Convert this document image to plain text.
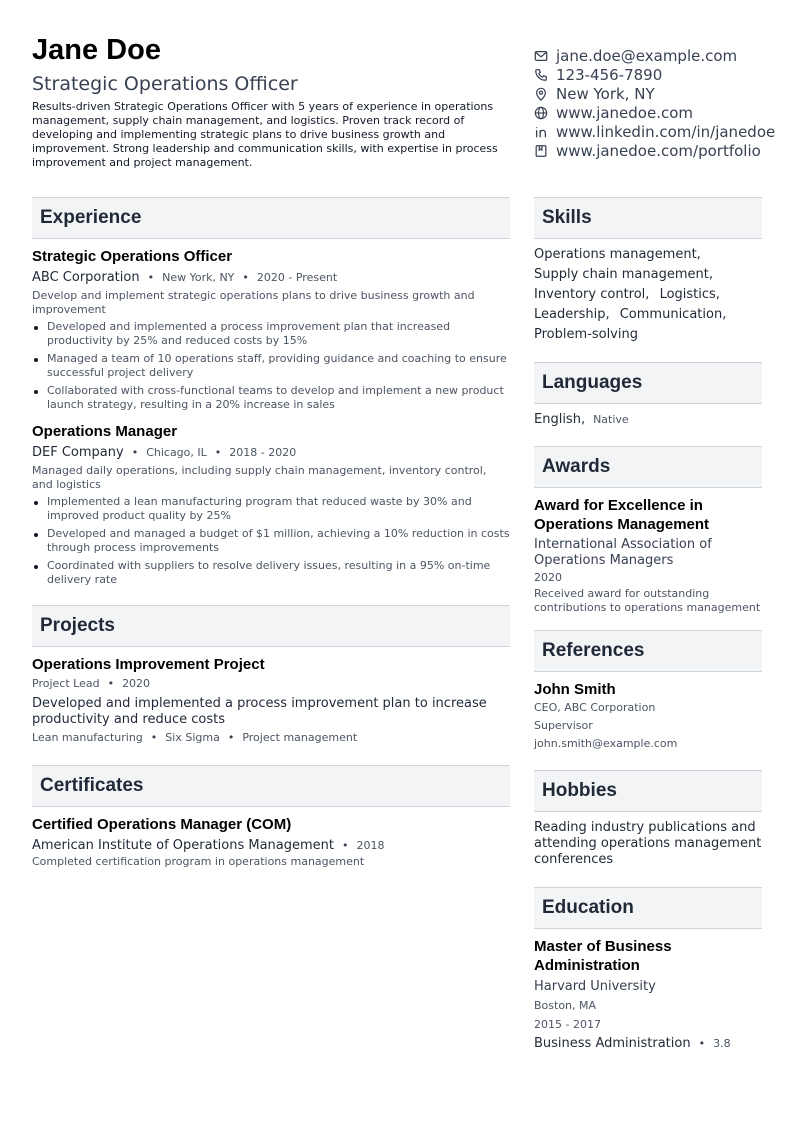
Jane Doe
Strategic Operations Officer
Results-driven Strategic Operations Officer with 5 years of experience in operations management, supply chain management, and logistics. Proven track record of developing and implementing strategic plans to drive business growth and improvement. Strong leadership and communication skills, with expertise in process improvement and project management.
jane.doe@example.com
123-456-7890
New York, NY
www.janedoe.com
www.linkedin.com/in/janedoe
www.janedoe.com/portfolio
Experience
Strategic Operations Officer
ABC Corporation • New York, NY • 2020 - Present
Develop and implement strategic operations plans to drive business growth and improvement
Developed and implemented a process improvement plan that increased productivity by 25% and reduced costs by 15%
Managed a team of 10 operations staff, providing guidance and coaching to ensure successful project delivery
Collaborated with cross-functional teams to develop and implement a new product launch strategy, resulting in a 20% increase in sales
Operations Manager
DEF Company • Chicago, IL • 2018 - 2020
Managed daily operations, including supply chain management, inventory control, and logistics
Implemented a lean manufacturing program that reduced waste by 30% and improved product quality by 25%
Developed and managed a budget of $1 million, achieving a 10% reduction in costs through process improvements
Coordinated with suppliers to resolve delivery issues, resulting in a 95% on-time delivery rate
Projects
Operations Improvement Project
Project Lead • 2020
Developed and implemented a process improvement plan to increase productivity and reduce costs
Lean manufacturing • Six Sigma • Project management
Certificates
Certified Operations Manager (COM)
American Institute of Operations Management • 2018
Completed certification program in operations management
Skills
Operations management, Supply chain management, Inventory control, Logistics, Leadership, Communication, Problem-solving
Languages
English, Native
Awards
Award for Excellence in Operations Management
International Association of Operations Managers
2020
Received award for outstanding contributions to operations management
References
John Smith
CEO, ABC Corporation
Supervisor
john.smith@example.com
Hobbies
Reading industry publications and attending operations management conferences
Education
Master of Business Administration
Harvard University
Boston, MA
2015 - 2017
Business Administration • 3.8
